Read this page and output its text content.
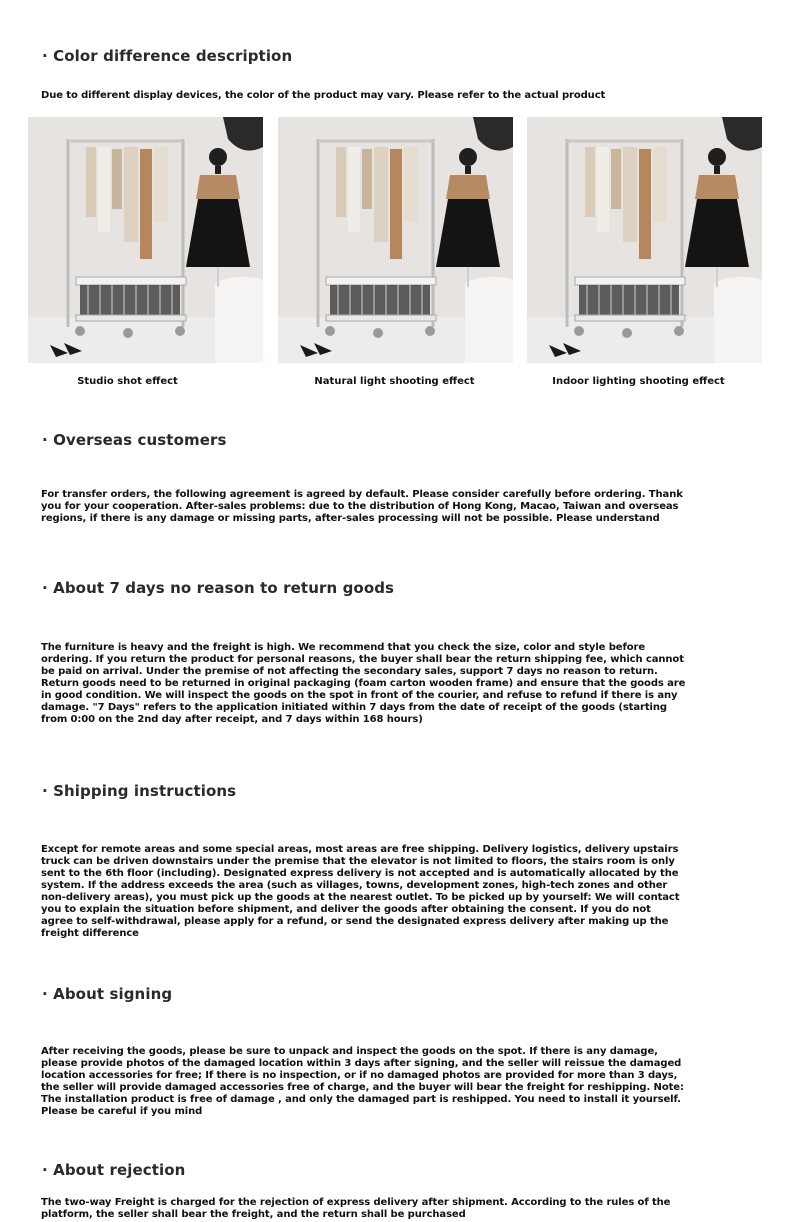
· Color difference description
Due to different display devices, the color of the product may vary. Please refer to the actual product
Studio shot effect	Natural light shooting effect	Indoor lighting shooting effect
· Overseas customers
For transfer orders, the following agreement is agreed by default. Please consider carefully before ordering. Thank you for your cooperation. After-sales problems: due to the distribution of Hong Kong, Macao, Taiwan and overseas regions, if there is any damage or missing parts, after-sales processing will not be possible. Please understand
· About 7 days no reason to return goods
The furniture is heavy and the freight is high. We recommend that you check the size, color and style before ordering. If you return the product for personal reasons, the buyer shall bear the return shipping fee, which cannot be paid on arrival. Under the premise of not affecting the secondary sales, support 7 days no reason to return. Return goods need to be returned in original packaging (foam carton wooden frame) and ensure that the goods are in good condition. We will inspect the goods on the spot in front of the courier, and refuse to refund if there is any damage. "7 Days" refers to the application initiated within 7 days from the date of receipt of the goods (starting from 0:00 on the 2nd day after receipt, and 7 days within 168 hours)
· Shipping instructions
Except for remote areas and some special areas, most areas are free shipping. Delivery logistics, delivery upstairs truck can be driven downstairs under the premise that the elevator is not limited to floors, the stairs room is only sent to the 6th floor (including). Designated express delivery is not accepted and is automatically allocated by the system. If the address exceeds the area (such as villages, towns, development zones, high-tech zones and other non-delivery areas), you must pick up the goods at the nearest outlet. To be picked up by yourself: We will contact you to explain the situation before shipment, and deliver the goods after obtaining the consent. If you do not agree to self-withdrawal, please apply for a refund, or send the designated express delivery after making up the freight difference
· About signing
After receiving the goods, please be sure to unpack and inspect the goods on the spot. If there is any damage, please provide photos of the damaged location within 3 days after signing, and the seller will reissue the damaged location accessories for free; If there is no inspection, or if no damaged photos are provided for more than 3 days, the seller will provide damaged accessories free of charge, and the buyer will bear the freight for reshipping. Note: The installation product is free of damage , and only the damaged part is reshipped. You need to install it yourself. Please be careful if you mind
· About rejection
The two-way Freight is charged for the rejection of express delivery after shipment. According to the rules of the platform, the seller shall bear the freight, and the return shall be purchased
